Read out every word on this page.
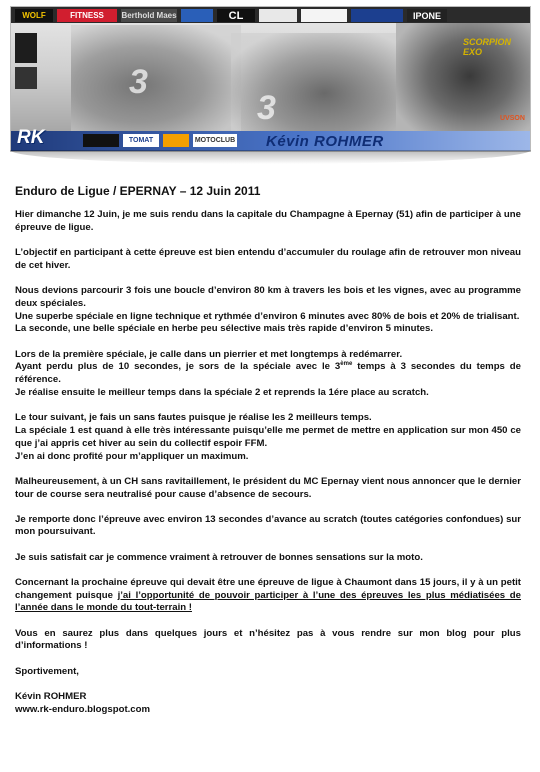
WOLF	FITNESS	Berthold Maes	CL	IPONE
3
3
SCORPION EXO
UVSON
RK	TOMAT	MOTOCLUB Kévin ROHMER
Enduro de Ligue / EPERNAY – 12 Juin 2011

Hier dimanche 12 Juin, je me suis rendu dans la capitale du Champagne à Epernay (51) afin de participer à une épreuve de ligue.

L’objectif en participant à cette épreuve est bien entendu d’accumuler du roulage afin de retrouver mon niveau de cet hiver.

Nous devions parcourir 3 fois une boucle d’environ 80 km à travers les bois et les vignes, avec au programme deux spéciales.
Une superbe spéciale en ligne technique et rythmée d’environ 6 minutes avec 80% de bois et 20% de trialisant.
La seconde, une belle spéciale en herbe peu sélective mais très rapide d’environ 5 minutes.

Lors de la première spéciale, je calle dans un pierrier et met longtemps à redémarrer.
Ayant perdu plus de 10 secondes, je sors de la spéciale avec le 3ème temps à 3 secondes du temps de référence.
Je réalise ensuite le meilleur temps dans la spéciale 2 et reprends la 1ére place au scratch.

Le tour suivant, je fais un sans fautes puisque je réalise les 2 meilleurs temps.
La spéciale 1 est quand à elle très intéressante puisqu’elle me permet de mettre en application sur mon 450 ce que j’ai appris cet hiver au sein du collectif espoir FFM.
J’en ai donc profité pour m’appliquer un maximum.

Malheureusement, à un CH sans ravitaillement, le président du MC Epernay vient nous annoncer que le dernier tour de course sera neutralisé pour cause d’absence de secours.

Je remporte donc l’épreuve avec environ 13 secondes d’avance au scratch (toutes catégories confondues) sur mon poursuivant.

Je suis satisfait car je commence vraiment à retrouver de bonnes sensations sur la moto.

Concernant la prochaine épreuve qui devait être une épreuve de ligue à Chaumont dans 15 jours, il y à un petit changement puisque j’ai l’opportunité de pouvoir participer à l’une des épreuves les plus médiatisées de l’année dans le monde du tout-terrain !

Vous en saurez plus dans quelques jours et n’hésitez pas à vous rendre sur mon blog pour plus d’informations !

Sportivement,

Kévin ROHMER
www.rk-enduro.blogspot.com
